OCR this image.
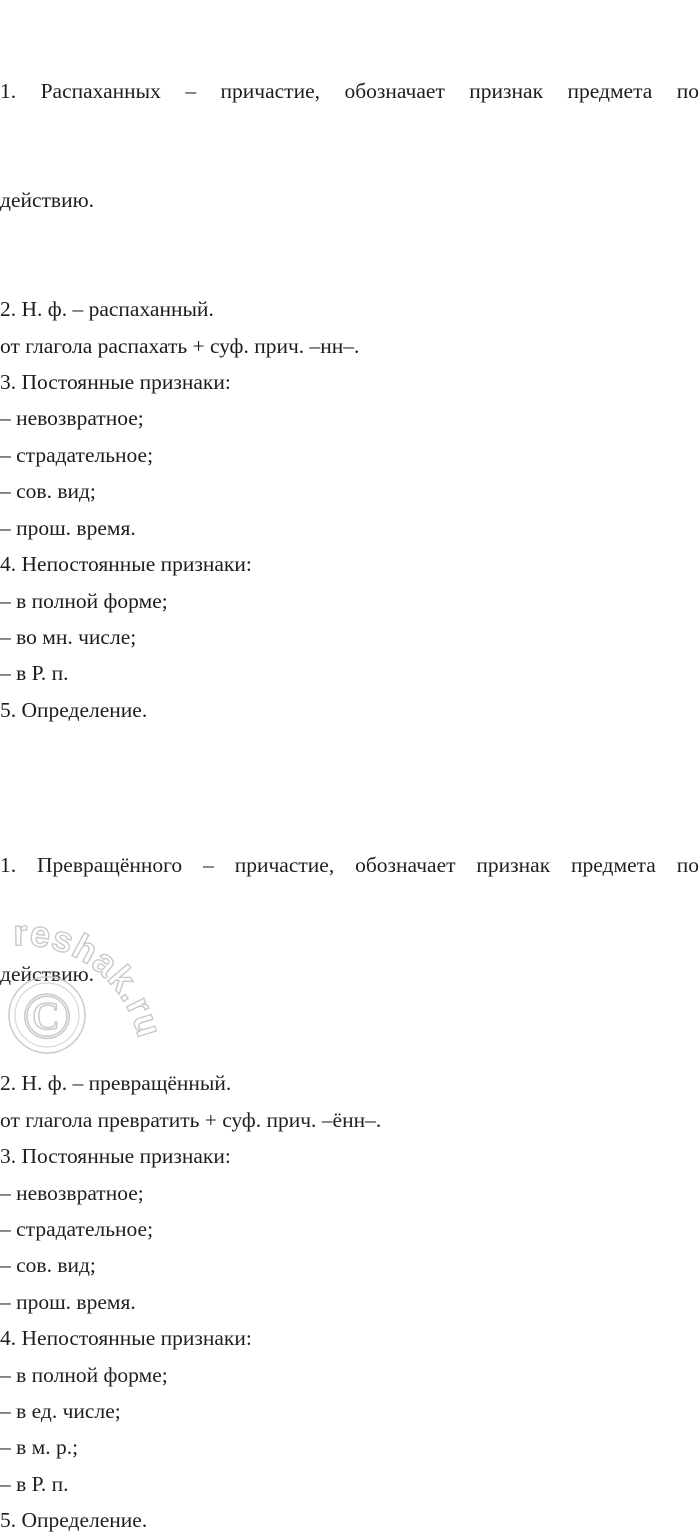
1.  Распаханных  –  причастие,  обозначает  признак  предмета  по

действию.

2. Н. ф. – распаханный.
от глагола распахать + суф. прич. –нн–.
3. Постоянные признаки:
– невозвратное;
– страдательное;
– сов. вид;
– прош. время.
4. Непостоянные признаки:
– в полной форме;
– во мн. числе;
– в Р. п.
5. Определение.

1.  Превращённого  –  причастие,  обозначает  признак  предмета  по

действию.

2. Н. ф. – превращённый.
от глагола превратить + суф. прич. –ённ–.
3. Постоянные признаки:
– невозвратное;
– страдательное;
– сов. вид;
– прош. время.
4. Непостоянные признаки:
– в полной форме;
– в ед. числе;
– в м. р.;
– в Р. п.
5. Определение.
©
reshak.ru
